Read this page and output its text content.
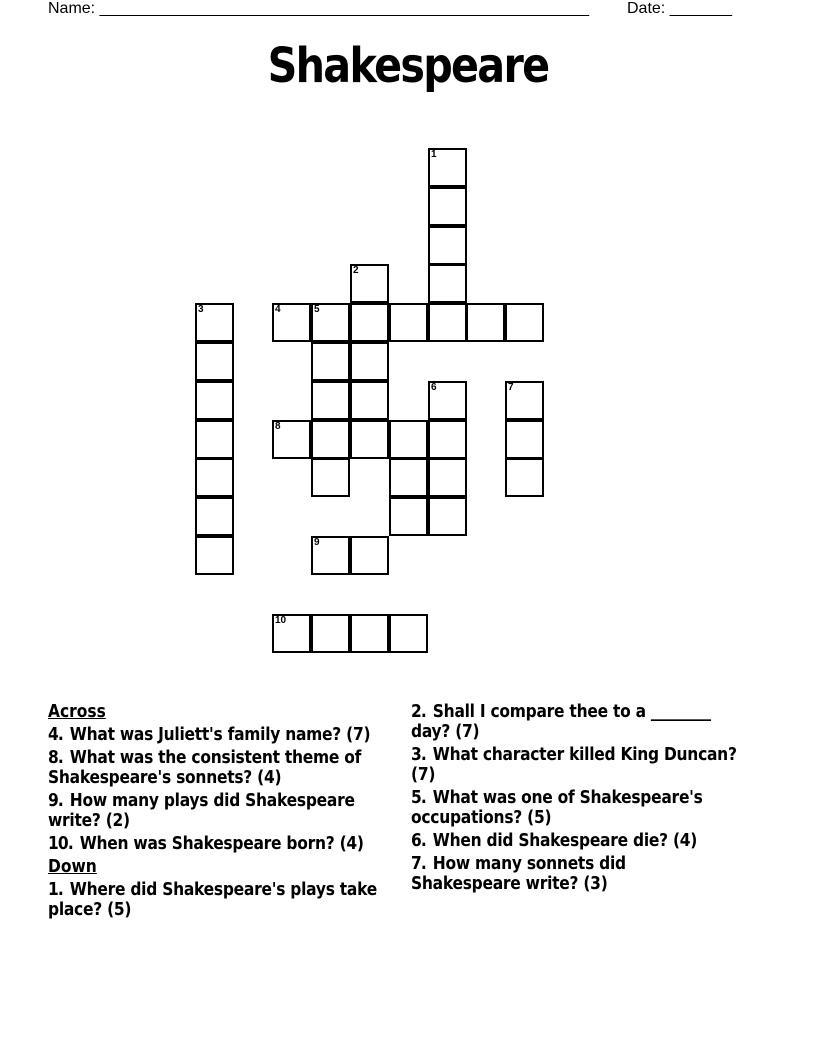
Name: _______________________________________________________ Date: _______
Shakespeare
1
2
3	4	5
6	7
8
9
10
Across
4. What was Juliett's family name? (7)
8. What was the consistent theme of Shakespeare's sonnets? (4)
9. How many plays did Shakespeare write? (2)
10. When was Shakespeare born? (4)
Down
1. Where did Shakespeare's plays take place? (5)
2. Shall I compare thee to a ________ day? (7)
3. What character killed King Duncan? (7)
5. What was one of Shakespeare's occupations? (5)
6. When did Shakespeare die? (4)
7. How many sonnets did Shakespeare write? (3)
